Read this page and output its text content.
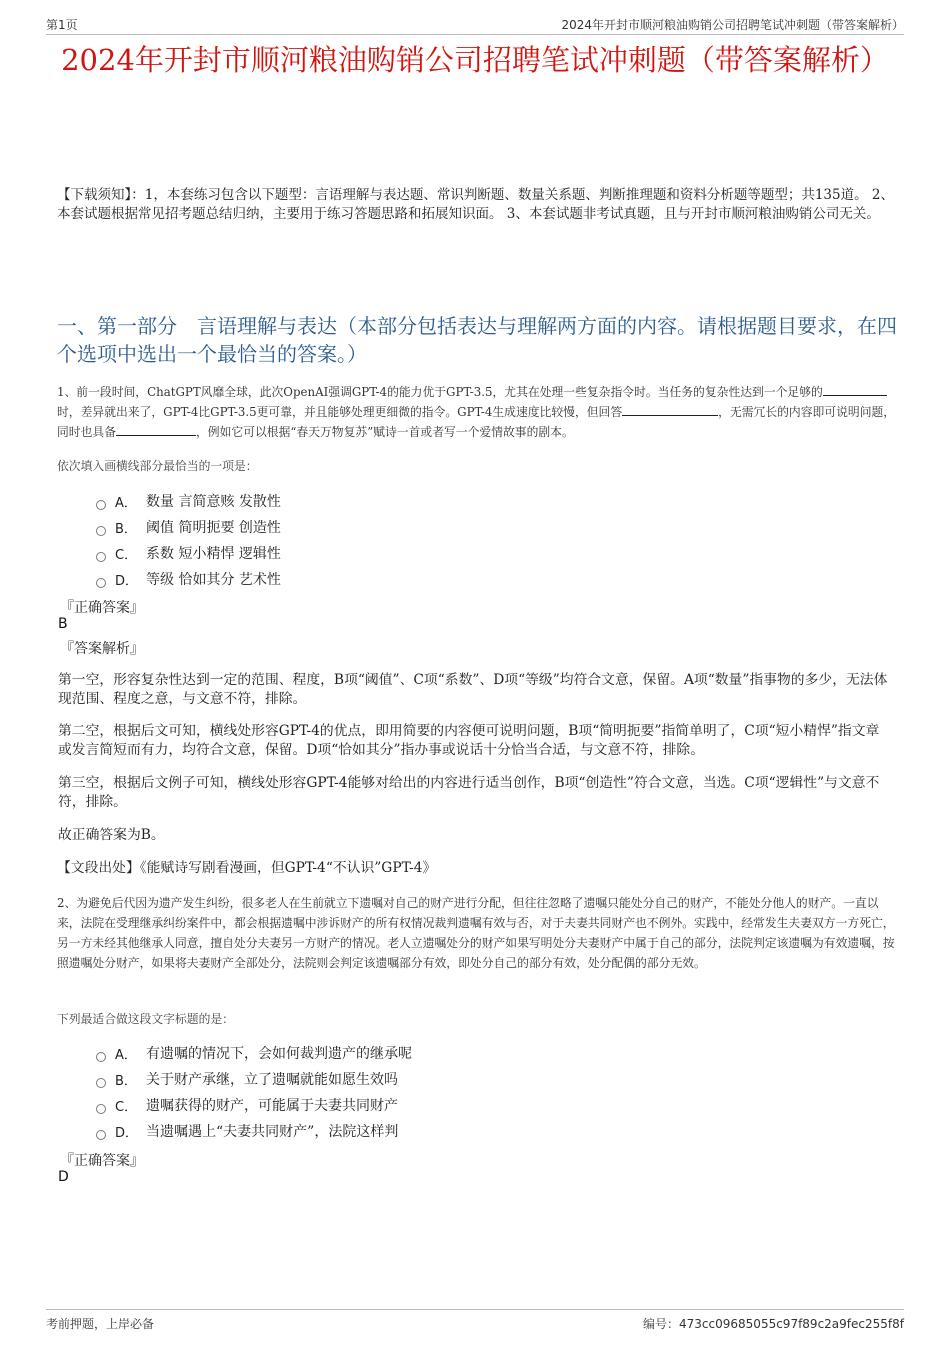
第1页	2024年开封市顺河粮油购销公司招聘笔试冲刺题（带答案解析）
2024年开封市顺河粮油购销公司招聘笔试冲刺题（带答案解析）
【下载须知】：1，本套练习包含以下题型：言语理解与表达题、常识判断题、数量关系题、判断推理题和资料分析题等题型；共135道。 2、本套试题根据常见招考题总结归纳，主要用于练习答题思路和拓展知识面。 3、本套试题非考试真题，且与开封市顺河粮油购销公司无关。
一、第一部分　言语理解与表达（本部分包括表达与理解两方面的内容。请根据题目要求，在四个选项中选出一个最恰当的答案。）
1、前一段时间，ChatGPT风靡全球，此次OpenAI强调GPT-4的能力优于GPT-3.5，尤其在处理一些复杂指令时。当任务的复杂性达到一个足够的时，差异就出来了，GPT-4比GPT-3.5更可靠，并且能够处理更细微的指令。GPT-4生成速度比较慢，但回答	，无需冗长的内容即可说明问题，同时也具备	，例如它可以根据“春天万物复苏”赋诗一首或者写一个爱情故事的剧本。
依次填入画横线部分最恰当的一项是：
A． 数量 言简意赅 发散性
B． 阈值 简明扼要 创造性
C． 系数 短小精悍 逻辑性
D． 等级 恰如其分 艺术性
『正确答案』
B
『答案解析』
第一空，形容复杂性达到一定的范围、程度，B项“阈值”、C项“系数”、D项“等级”均符合文意，保留。A项“数量”指事物的多少，无法体现范围、程度之意，与文意不符，排除。
第二空，根据后文可知，横线处形容GPT-4的优点，即用简要的内容便可说明问题，B项“简明扼要”指简单明了，C项“短小精悍”指文章或发言简短而有力，均符合文意，保留。D项“恰如其分”指办事或说话十分恰当合适，与文意不符，排除。
第三空，根据后文例子可知，横线处形容GPT-4能够对给出的内容进行适当创作，B项“创造性”符合文意，当选。C项“逻辑性”与文意不符，排除。
故正确答案为B。
【文段出处】《能赋诗写剧看漫画，但GPT-4“不认识”GPT-4》
2、为避免后代因为遗产发生纠纷，很多老人在生前就立下遗嘱对自己的财产进行分配，但往往忽略了遗嘱只能处分自己的财产，不能处分他人的财产。一直以来，法院在受理继承纠纷案件中，都会根据遗嘱中涉诉财产的所有权情况裁判遗嘱有效与否，对于夫妻共同财产也不例外。实践中，经常发生夫妻双方一方死亡，另一方未经其他继承人同意，擅自处分夫妻另一方财产的情况。老人立遗嘱处分的财产如果写明处分夫妻财产中属于自己的部分，法院判定该遗嘱为有效遗嘱，按照遗嘱处分财产，如果将夫妻财产全部处分，法院则会判定该遗嘱部分有效，即处分自己的部分有效，处分配偶的部分无效。
下列最适合做这段文字标题的是：
A． 有遗嘱的情况下，会如何裁判遗产的继承呢
B． 关于财产承继，立了遗嘱就能如愿生效吗
C． 遗嘱获得的财产，可能属于夫妻共同财产
D． 当遗嘱遇上“夫妻共同财产”，法院这样判
『正确答案』
D
考前押题，上岸必备	编号：473cc09685055c97f89c2a9fec255f8f
